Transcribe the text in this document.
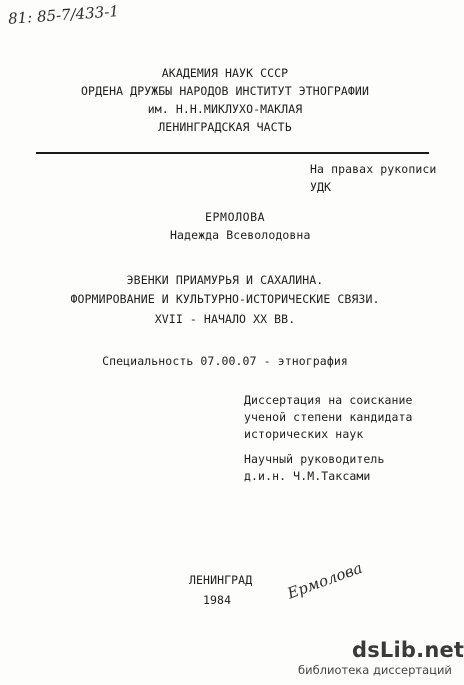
81: 85-7/433-1
АКАДЕМИЯ НАУК СССР
ОРДЕНА ДРУЖБЫ НАРОДОВ ИНСТИТУТ ЭТНОГРАФИИ
им. Н.Н.МИКЛУХО-МАКЛАЯ
ЛЕНИНГРАДСКАЯ ЧАСТЬ
На правах рукописи
УДК
ЕРМОЛОВА
Надежда Всеволодовна
ЭВЕНКИ ПРИАМУРЬЯ И САХАЛИНА.
ФОРМИРОВАНИЕ И КУЛЬТУРНО-ИСТОРИЧЕСКИЕ СВЯЗИ.
XVII - НАЧАЛО XX ВВ.
Специальность 07.00.07 - этнография
Диссертация на соискание
ученой степени кандидата
исторических наук
Научный руководитель
д.и.н. Ч.М.Таксами
ЛЕНИНГРАД
1984	Ермолова
dsLib.net
библиотека диссертаций
